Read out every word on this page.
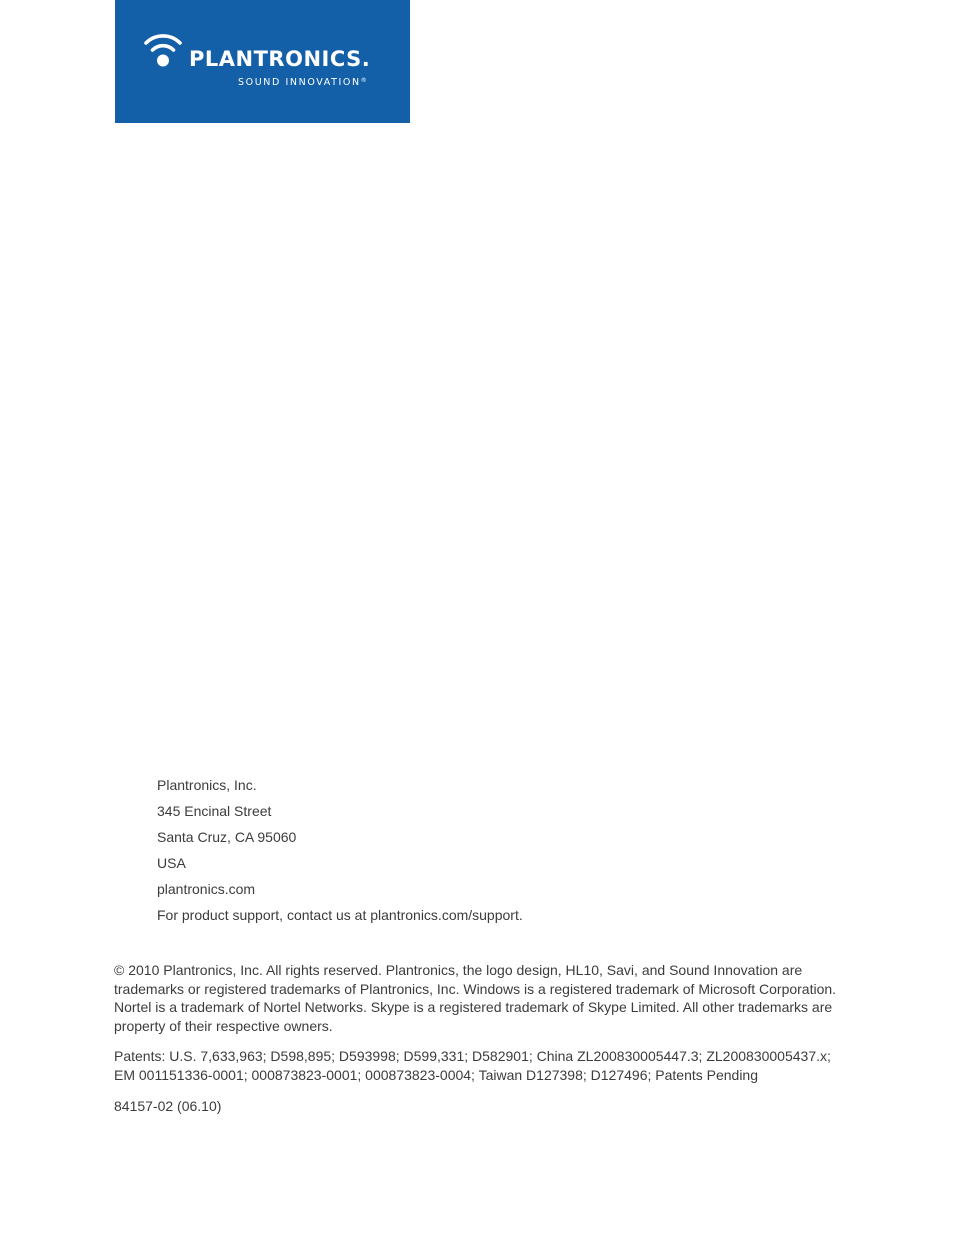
PLANTRONICS.
SOUND INNOVATION®
Plantronics, Inc.
345 Encinal Street
Santa Cruz, CA 95060
USA
plantronics.com
For product support, contact us at plantronics.com/support.

© 2010 Plantronics, Inc. All rights reserved. Plantronics, the logo design, HL10, Savi, and Sound Innovation are trademarks or registered trademarks of Plantronics, Inc. Windows is a registered trademark of Microsoft Corporation. Nortel is a trademark of Nortel Networks. Skype is a registered trademark of Skype Limited. All other trademarks are property of their respective owners.

Patents: U.S. 7,633,963; D598,895; D593998; D599,331; D582901; China ZL200830005447.3; ZL200830005437.x; EM 001151336-0001; 000873823-0001; 000873823-0004; Taiwan D127398; D127496; Patents Pending

84157-02 (06.10)
